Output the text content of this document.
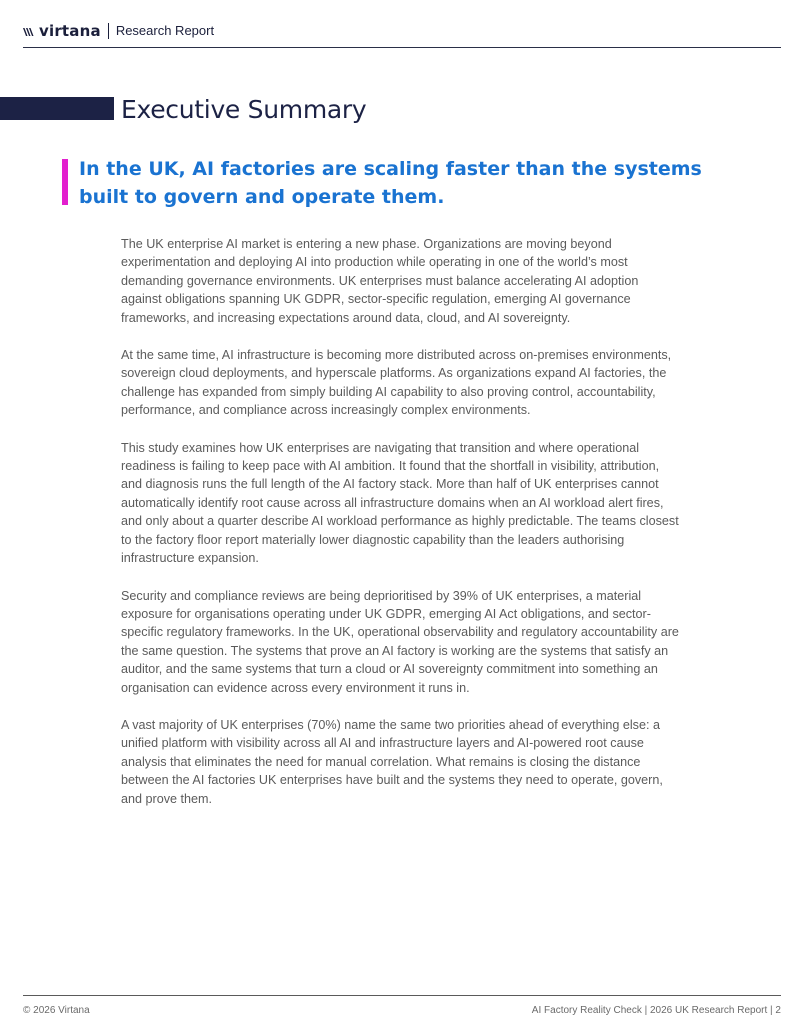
virtana Research Report
Executive Summary

In the UK, AI factories are scaling faster than the systems built to govern and operate them.

The UK enterprise AI market is entering a new phase. Organizations are moving beyond experimentation and deploying AI into production while operating in one of the world’s most demanding governance environments. UK enterprises must balance accelerating AI adoption against obligations spanning UK GDPR, sector-specific regulation, emerging AI governance frameworks, and increasing expectations around data, cloud, and AI sovereignty.

At the same time, AI infrastructure is becoming more distributed across on-premises environments, sovereign cloud deployments, and hyperscale platforms. As organizations expand AI factories, the challenge has expanded from simply building AI capability to also proving control, accountability, performance, and compliance across increasingly complex environments.

This study examines how UK enterprises are navigating that transition and where operational readiness is failing to keep pace with AI ambition. It found that the shortfall in visibility, attribution, and diagnosis runs the full length of the AI factory stack. More than half of UK enterprises cannot automatically identify root cause across all infrastructure domains when an AI workload alert fires, and only about a quarter describe AI workload performance as highly predictable. The teams closest to the factory floor report materially lower diagnostic capability than the leaders authorising infrastructure expansion.

Security and compliance reviews are being deprioritised by 39% of UK enterprises, a material exposure for organisations operating under UK GDPR, emerging AI Act obligations, and sector-specific regulatory frameworks. In the UK, operational observability and regulatory accountability are the same question. The systems that prove an AI factory is working are the systems that satisfy an auditor, and the same systems that turn a cloud or AI sovereignty commitment into something an organisation can evidence across every environment it runs in.

A vast majority of UK enterprises (70%) name the same two priorities ahead of everything else: a unified platform with visibility across all AI and infrastructure layers and AI-powered root cause analysis that eliminates the need for manual correlation. What remains is closing the distance between the AI factories UK enterprises have built and the systems they need to operate, govern, and prove them.

© 2026 Virtana	AI Factory Reality Check | 2026 UK Research Report | 2
